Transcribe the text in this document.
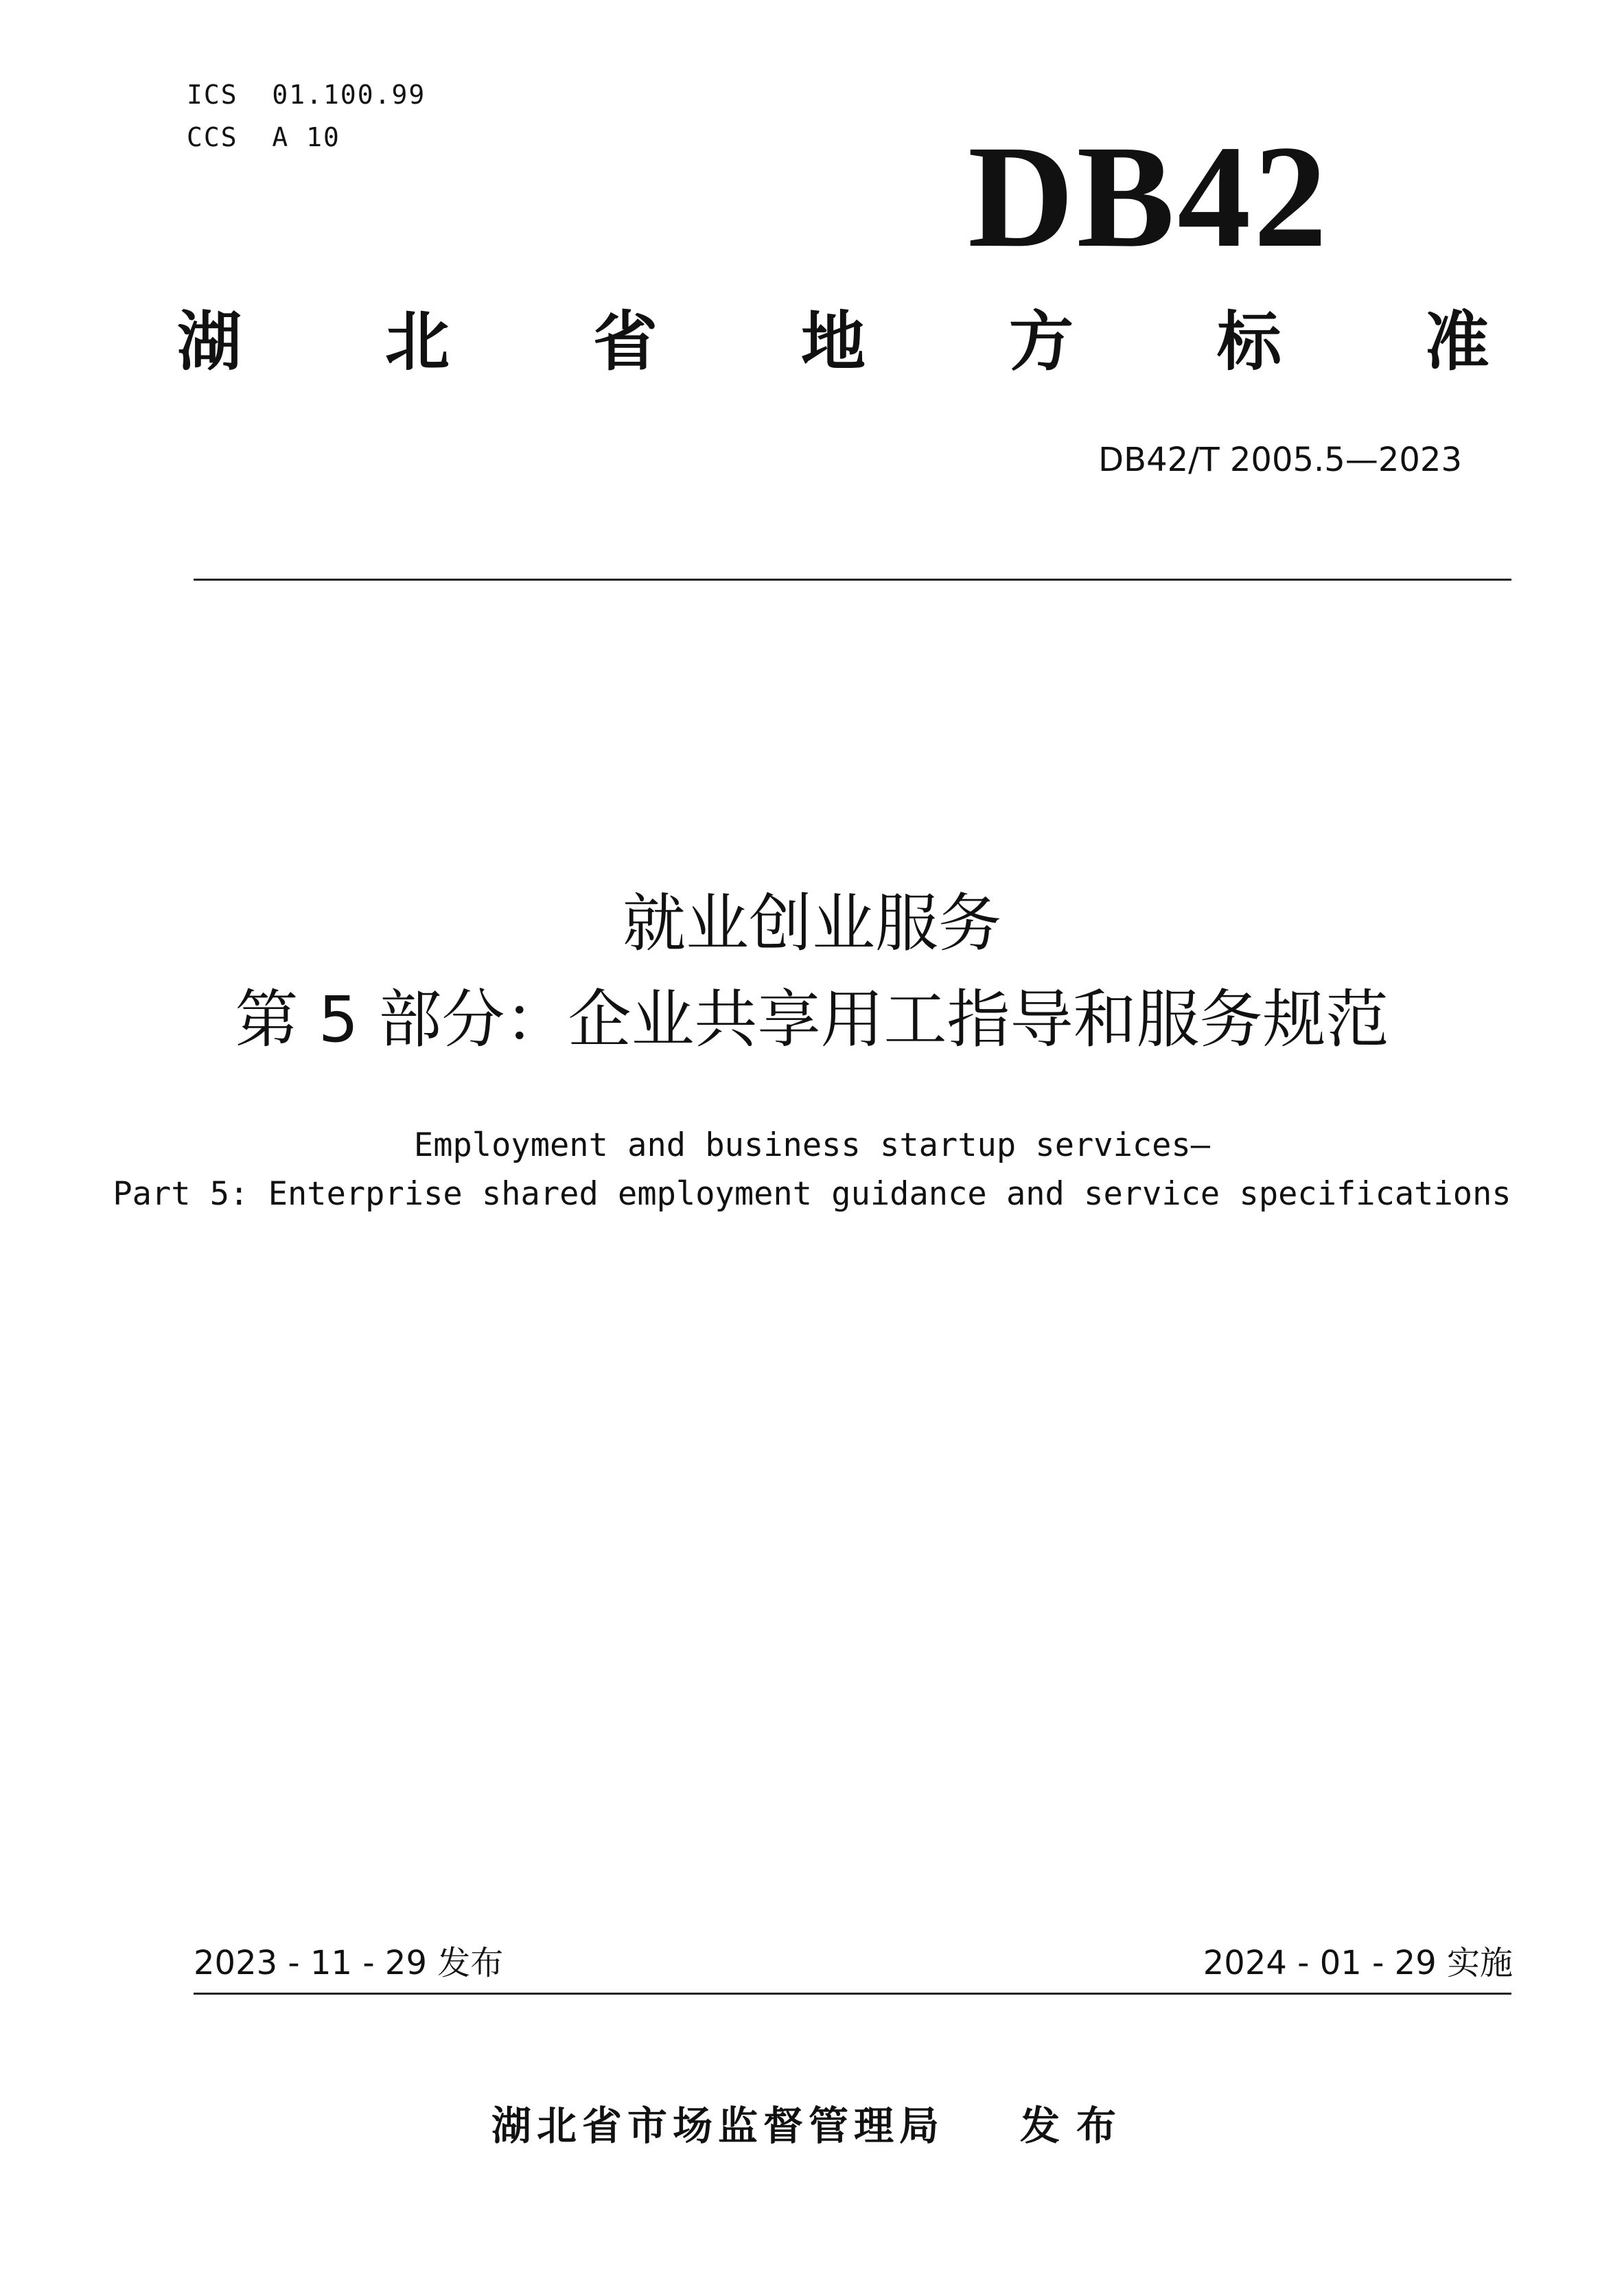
ICS  01.100.99
CCS  A 10	DB42
湖 北 省 地 方 标 准
DB42/T 2005.5—2023
就业创业服务
第 5 部分：企业共享用工指导和服务规范
Employment and business startup services—
Part 5: Enterprise shared employment guidance and service specifications
2023 - 11 - 29 发布	2024 - 01 - 29 实施
湖北省市场监督管理局 发布
